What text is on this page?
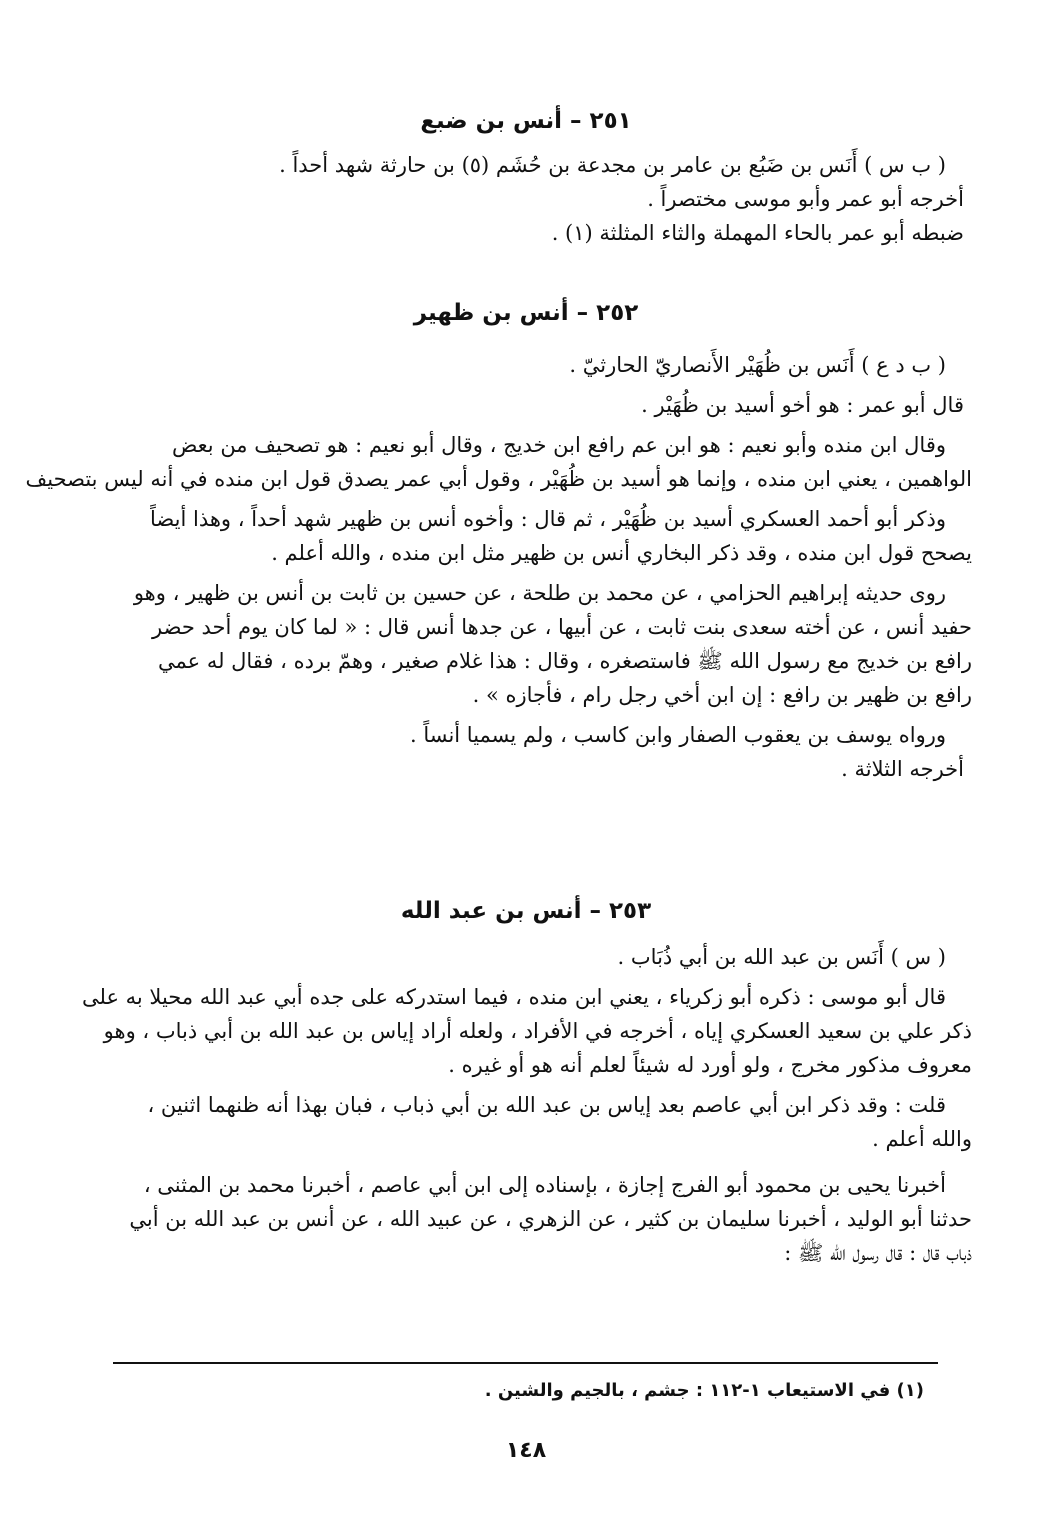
٢٥١ – أنس بن ضبع
( ب س ) أَنَس بن ضَبُع بن عامر بن مجدعة بن حُشَم (٥) بن حارثة شهد أحداً .
أخرجه أبو عمر وأبو موسى مختصراً .
ضبطه أبو عمر بالحاء المهملة والثاء المثلثة (١) .
٢٥٢ – أنس بن ظهير
( ب د ع ) أَنَس بن ظُهَيْر الأَنصاريّ الحارثيّ .
قال أبو عمر : هو أخو أسيد بن ظُهَيْر .
وقال ابن منده وأبو نعيم : هو ابن عم رافع ابن خديج ، وقال أبو نعيم : هو تصحيف من بعض
الواهمين ، يعني ابن منده ، وإنما هو أسيد بن ظُهَيْر ، وقول أبي عمر يصدق قول ابن منده في أنه ليس بتصحيف
وذكر أبو أحمد العسكري أسيد بن ظُهَيْر ، ثم قال : وأخوه أنس بن ظهير شهد أحداً ، وهذا أيضاً
يصحح قول ابن منده ، وقد ذكر البخاري أنس بن ظهير مثل ابن منده ، والله أعلم .
روى حديثه إبراهيم الحزامي ، عن محمد بن طلحة ، عن حسين بن ثابت بن أنس بن ظهير ، وهو
حفيد أنس ، عن أخته سعدى بنت ثابت ، عن أبيها ، عن جدها أنس قال : « لما كان يوم أحد حضر
رافع بن خديج مع رسول الله ﷺ فاستصغره ، وقال : هذا غلام صغير ، وهمّ برده ، فقال له عمي
رافع بن ظهير بن رافع : إن ابن أخي رجل رام ، فأجازه » .
ورواه يوسف بن يعقوب الصفار وابن كاسب ، ولم يسميا أنساً .
أخرجه الثلاثة .
٢٥٣ – أنس بن عبد الله
( س ) أَنَس بن عبد الله بن أبي ذُبَاب .
قال أبو موسى : ذكره أبو زكرياء ، يعني ابن منده ، فيما استدركه على جده أبي عبد الله محيلا به على
ذكر علي بن سعيد العسكري إياه ، أخرجه في الأفراد ، ولعله أراد إياس بن عبد الله بن أبي ذباب ، وهو
معروف مذكور مخرج ، ولو أورد له شيئاً لعلم أنه هو أو غيره .
قلت : وقد ذكر ابن أبي عاصم بعد إياس بن عبد الله بن أبي ذباب ، فبان بهذا أنه ظنهما اثنين ،
والله أعلم .
أخبرنا يحيى بن محمود أبو الفرج إجازة ، بإسناده إلى ابن أبي عاصم ، أخبرنا محمد بن المثنى ،
حدثنا أبو الوليد ، أخبرنا سليمان بن كثير ، عن الزهري ، عن عبيد الله ، عن أنس بن عبد الله بن أبي
ذباب قال : قال رسول الله ﷺ :
(١) في الاستيعاب ١-١١٢ : جشم ، بالجيم والشين .
١٤٨
